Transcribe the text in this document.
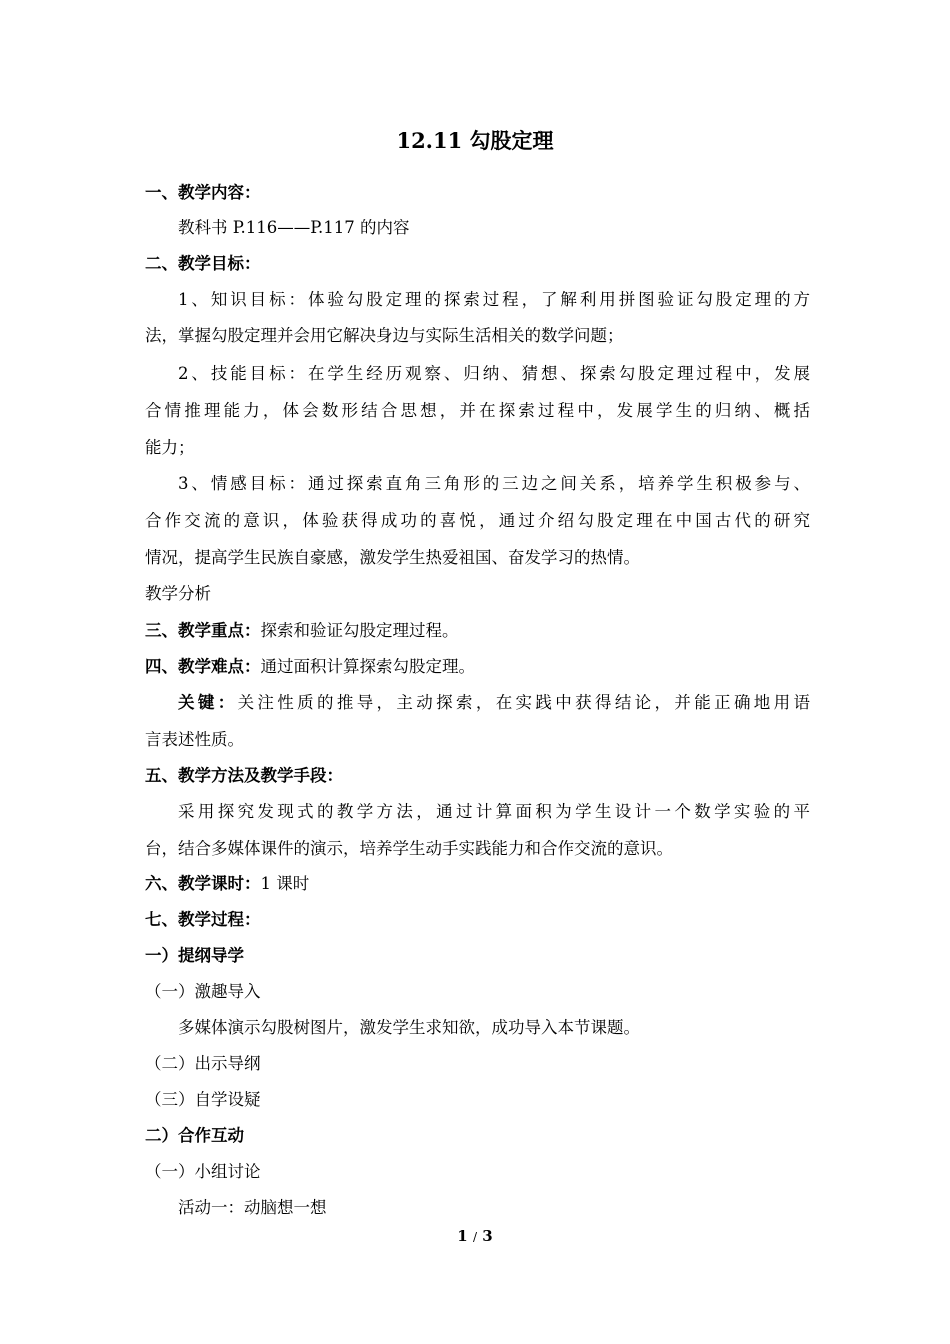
12.11 勾股定理
一、教学内容：
教科书 P.116——P.117 的内容
二、教学目标：
1、知识目标：体验勾股定理的探索过程，了解利用拼图验证勾股定理的方
法，掌握勾股定理并会用它解决身边与实际生活相关的数学问题；
2、技能目标：在学生经历观察、归纳、猜想、探索勾股定理过程中，发展
合情推理能力，体会数形结合思想，并在探索过程中，发展学生的归纳、概括
能力；
3、情感目标：通过探索直角三角形的三边之间关系，培养学生积极参与、
合作交流的意识，体验获得成功的喜悦，通过介绍勾股定理在中国古代的研究
情况，提高学生民族自豪感，激发学生热爱祖国、奋发学习的热情。
教学分析
三、教学重点：探索和验证勾股定理过程。
四、教学难点：通过面积计算探索勾股定理。
关键：关注性质的推导，主动探索，在实践中获得结论，并能正确地用语
言表述性质。
五、教学方法及教学手段：
采用探究发现式的教学方法，通过计算面积为学生设计一个数学实验的平
台，结合多媒体课件的演示，培养学生动手实践能力和合作交流的意识。
六、教学课时：1 课时
七、教学过程：
一）提纲导学
（一）激趣导入
多媒体演示勾股树图片，激发学生求知欲，成功导入本节课题。
（二）出示导纲
（三）自学设疑
二）合作互动
（一）小组讨论
活动一：动脑想一想
1 / 3
